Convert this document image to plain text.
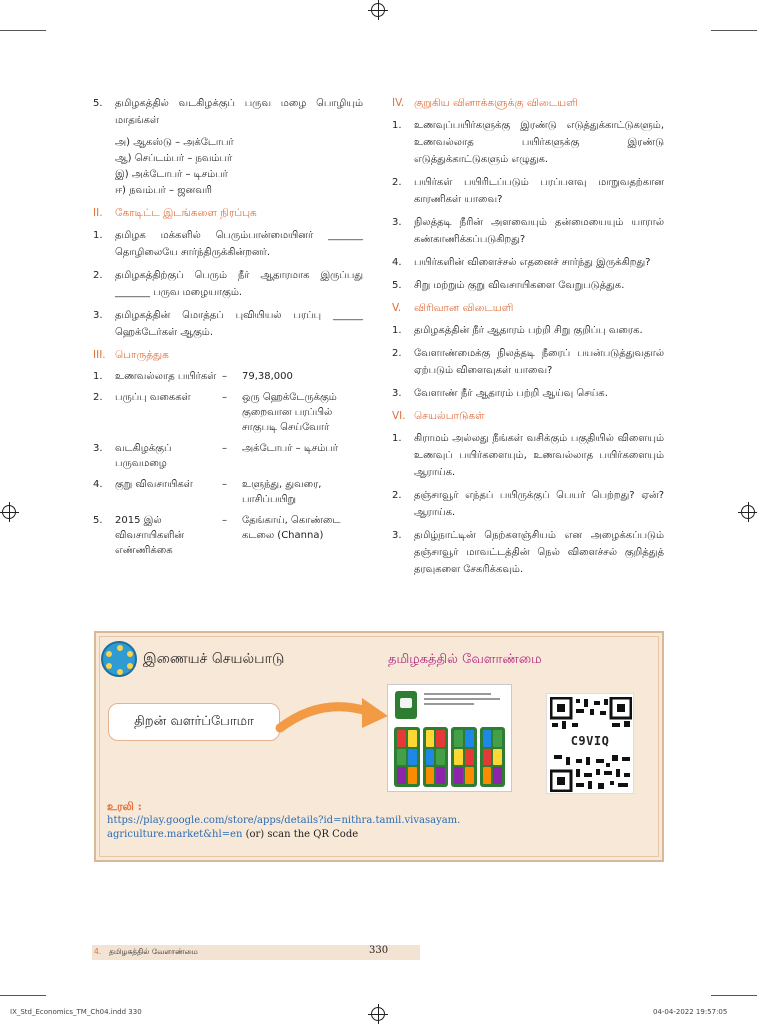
5.	தமிழகத்தில் வடகிழக்குப் பருவ மழை பொழியும் மாதங்கள்
அ) ஆகஸ்டு – அக்டோபர்
ஆ) செப்டம்பர் – நவம்பர்
இ) அக்டோபர் – டிசம்பர்
ஈ) நவம்பர் – ஜனவரி
II. கோடிட்ட இடங்களை நிரப்புக
1.	தமிழக மக்களில் பெரும்பான்மையினர் _______ தொழிலையே சார்ந்திருக்கின்றனர்.
2.	தமிழகத்திற்குப் பெரும் நீர் ஆதாரமாக இருப்பது _______ பருவ மழையாகும்.
3.	தமிழகத்தின் மொத்தப் புவியியல் பரப்பு ______ ஹெக்டேர்கள் ஆகும்.
III. பொருத்துக
1.	உணவல்லாத பயிர்கள்	–	79,38,000
2.	பருப்பு வகைகள்	–	ஒரு ஹெக்டேருக்கும் குறைவான பரப்பில் சாகுபடி செய்வோர்
3.	வடகிழக்குப் பருவமழை	–	அக்டோபர் – டிசம்பர்
4.	குறு விவசாயிகள்	–	உளுந்து, துவரை, பாசிப்பயிறு
5.	2015 இல் விவசாயிகளின் எண்ணிக்கை	–	தேங்காய், கொண்டை கடலை (Channa)
IV. குறுகிய வினாக்களுக்கு விடையளி
1.	உணவுப்பயிர்களுக்கு இரண்டு எடுத்துக்காட்டுகளும், உணவல்லாத பயிர்களுக்கு இரண்டு எடுத்துக்காட்டுகளும் எழுதுக.
2.	பயிர்கள் பயிரிடப்படும் பரப்பளவு மாறுவதற்கான காரணிகள் யாவை?
3.	நிலத்தடி நீரின் அளவையும் தன்மையையும் யாரால் கண்காணிக்கப்படுகிறது?
4.	பயிர்களின் விளைச்சல் எதனைச் சார்ந்து இருக்கிறது?
5.	சிறு மற்றும் குறு விவசாயிகளை வேறுபடுத்துக.
V. விரிவான விடையளி
1.	தமிழகத்தின் நீர் ஆதாரம் பற்றி சிறு குறிப்பு வரைக.
2.	வேளாண்மைக்கு நிலத்தடி நீரைப் பயன்படுத்துவதால் ஏற்படும் விளைவுகள் யாவை?
3.	வேளாண் நீர் ஆதாரம் பற்றி ஆய்வு செய்க.
VI. செயல்பாடுகள்
1.	கிராமம் அல்லது நீங்கள் வசிக்கும் பகுதியில் விளையும் உணவுப் பயிர்களையும், உணவல்லாத பயிர்களையும் ஆராய்க.
2.	தஞ்சாவூர் எந்தப் பயிருக்குப் பெயர் பெற்றது? ஏன்? ஆராய்க.
3.	தமிழ்நாட்டின் நெற்களஞ்சியம் என அழைக்கப்படும் தஞ்சாவூர் மாவட்டத்தின் நெல் விளைச்சல் குறித்துத் தரவுகளை சேகரிக்கவும்.
இணையச் செயல்பாடு	தமிழகத்தில் வேளாண்மை
திறன் வளர்ப்போமா
C9VIQ
உரலி :
https://play.google.com/store/apps/details?id=nithra.tamil.vivasayam.
agriculture.market&hl=en (or) scan the QR Code
4. தமிழகத்தில் வேளாண்மை	330
IX_Std_Economics_TM_Ch04.indd 330	04-04-2022 19:57:05
